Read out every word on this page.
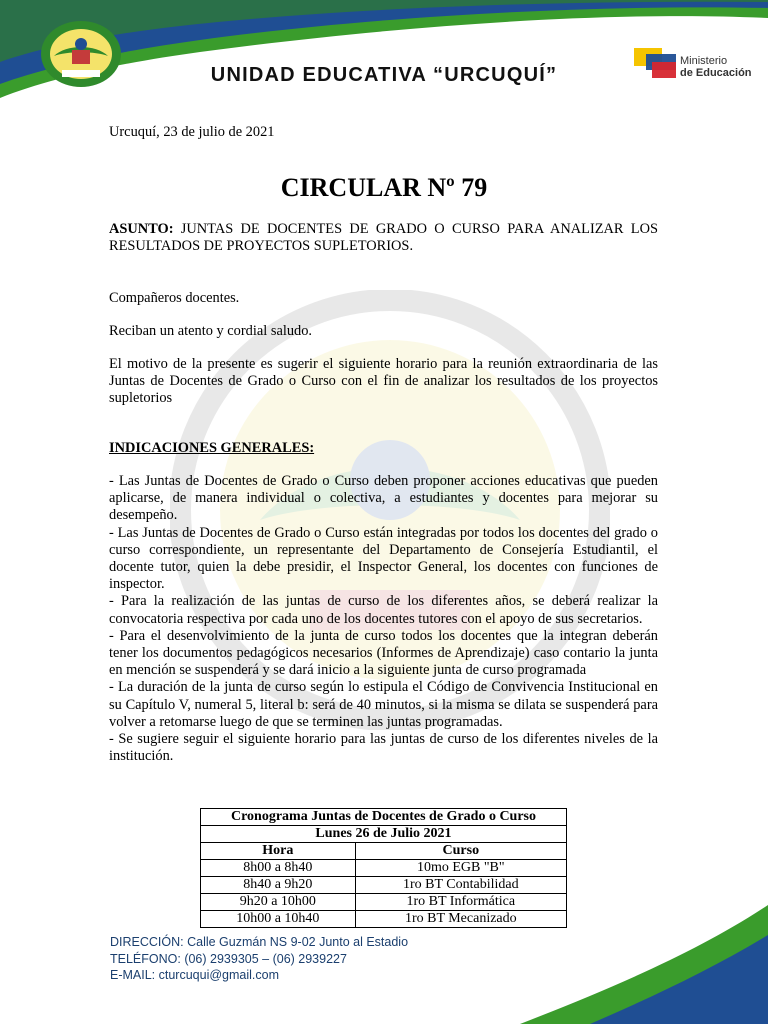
Ministerio
de Educación
UNIDAD EDUCATIVA “URCUQUÍ”
Urcuquí, 23 de julio de 2021
CIRCULAR Nº 79
ASUNTO: JUNTAS DE DOCENTES DE GRADO O CURSO PARA ANALIZAR LOS RESULTADOS DE PROYECTOS SUPLETORIOS.
Compañeros docentes.
Reciban un atento y cordial saludo.
El motivo de la presente es sugerir el siguiente horario para la reunión extraordinaria de las Juntas de Docentes de Grado o Curso con el fin de analizar los resultados de los proyectos supletorios
INDICACIONES GENERALES:

- Las Juntas de Docentes de Grado o Curso deben proponer acciones educativas que pueden aplicarse, de manera individual o colectiva, a estudiantes y docentes para mejorar su desempeño.

- Las Juntas de Docentes de Grado o Curso están integradas por todos los docentes del grado o curso correspondiente, un representante del Departamento de Consejería Estudiantil, el docente tutor, quien la debe presidir, el Inspector General, los docentes con funciones de inspector.

- Para la realización de las juntas de curso de los diferentes años, se deberá realizar la convocatoria respectiva por cada uno de los docentes tutores con el apoyo de sus secretarios.

- Para el desenvolvimiento de la junta de curso todos los docentes que la integran deberán tener los documentos pedagógicos necesarios (Informes de Aprendizaje) caso contario la junta en mención se suspenderá y se dará inicio a la siguiente junta de curso programada

- La duración de la junta de curso según lo estipula el Código de Convivencia Institucional en su Capítulo V, numeral 5, literal b: será de 40 minutos, si la misma se dilata se suspenderá para volver a retomarse luego de que se terminen las juntas programadas.

- Se sugiere seguir el siguiente horario para las juntas de curso de los diferentes niveles de la institución.

Cronograma Juntas de Docentes de Grado o Curso	
Lunes 26 de Julio 2021	
Hora	Curso
8h00 a 8h40	10mo EGB "B"
8h40 a 9h20	1ro BT Contabilidad
9h20 a 10h00	1ro BT Informática
10h00 a 10h40	1ro BT Mecanizado
DIRECCIÓN: Calle Guzmán NS 9-02 Junto al Estadio
TELÉFONO: (06) 2939305 – (06) 2939227
E-MAIL: cturcuqui@gmail.com
